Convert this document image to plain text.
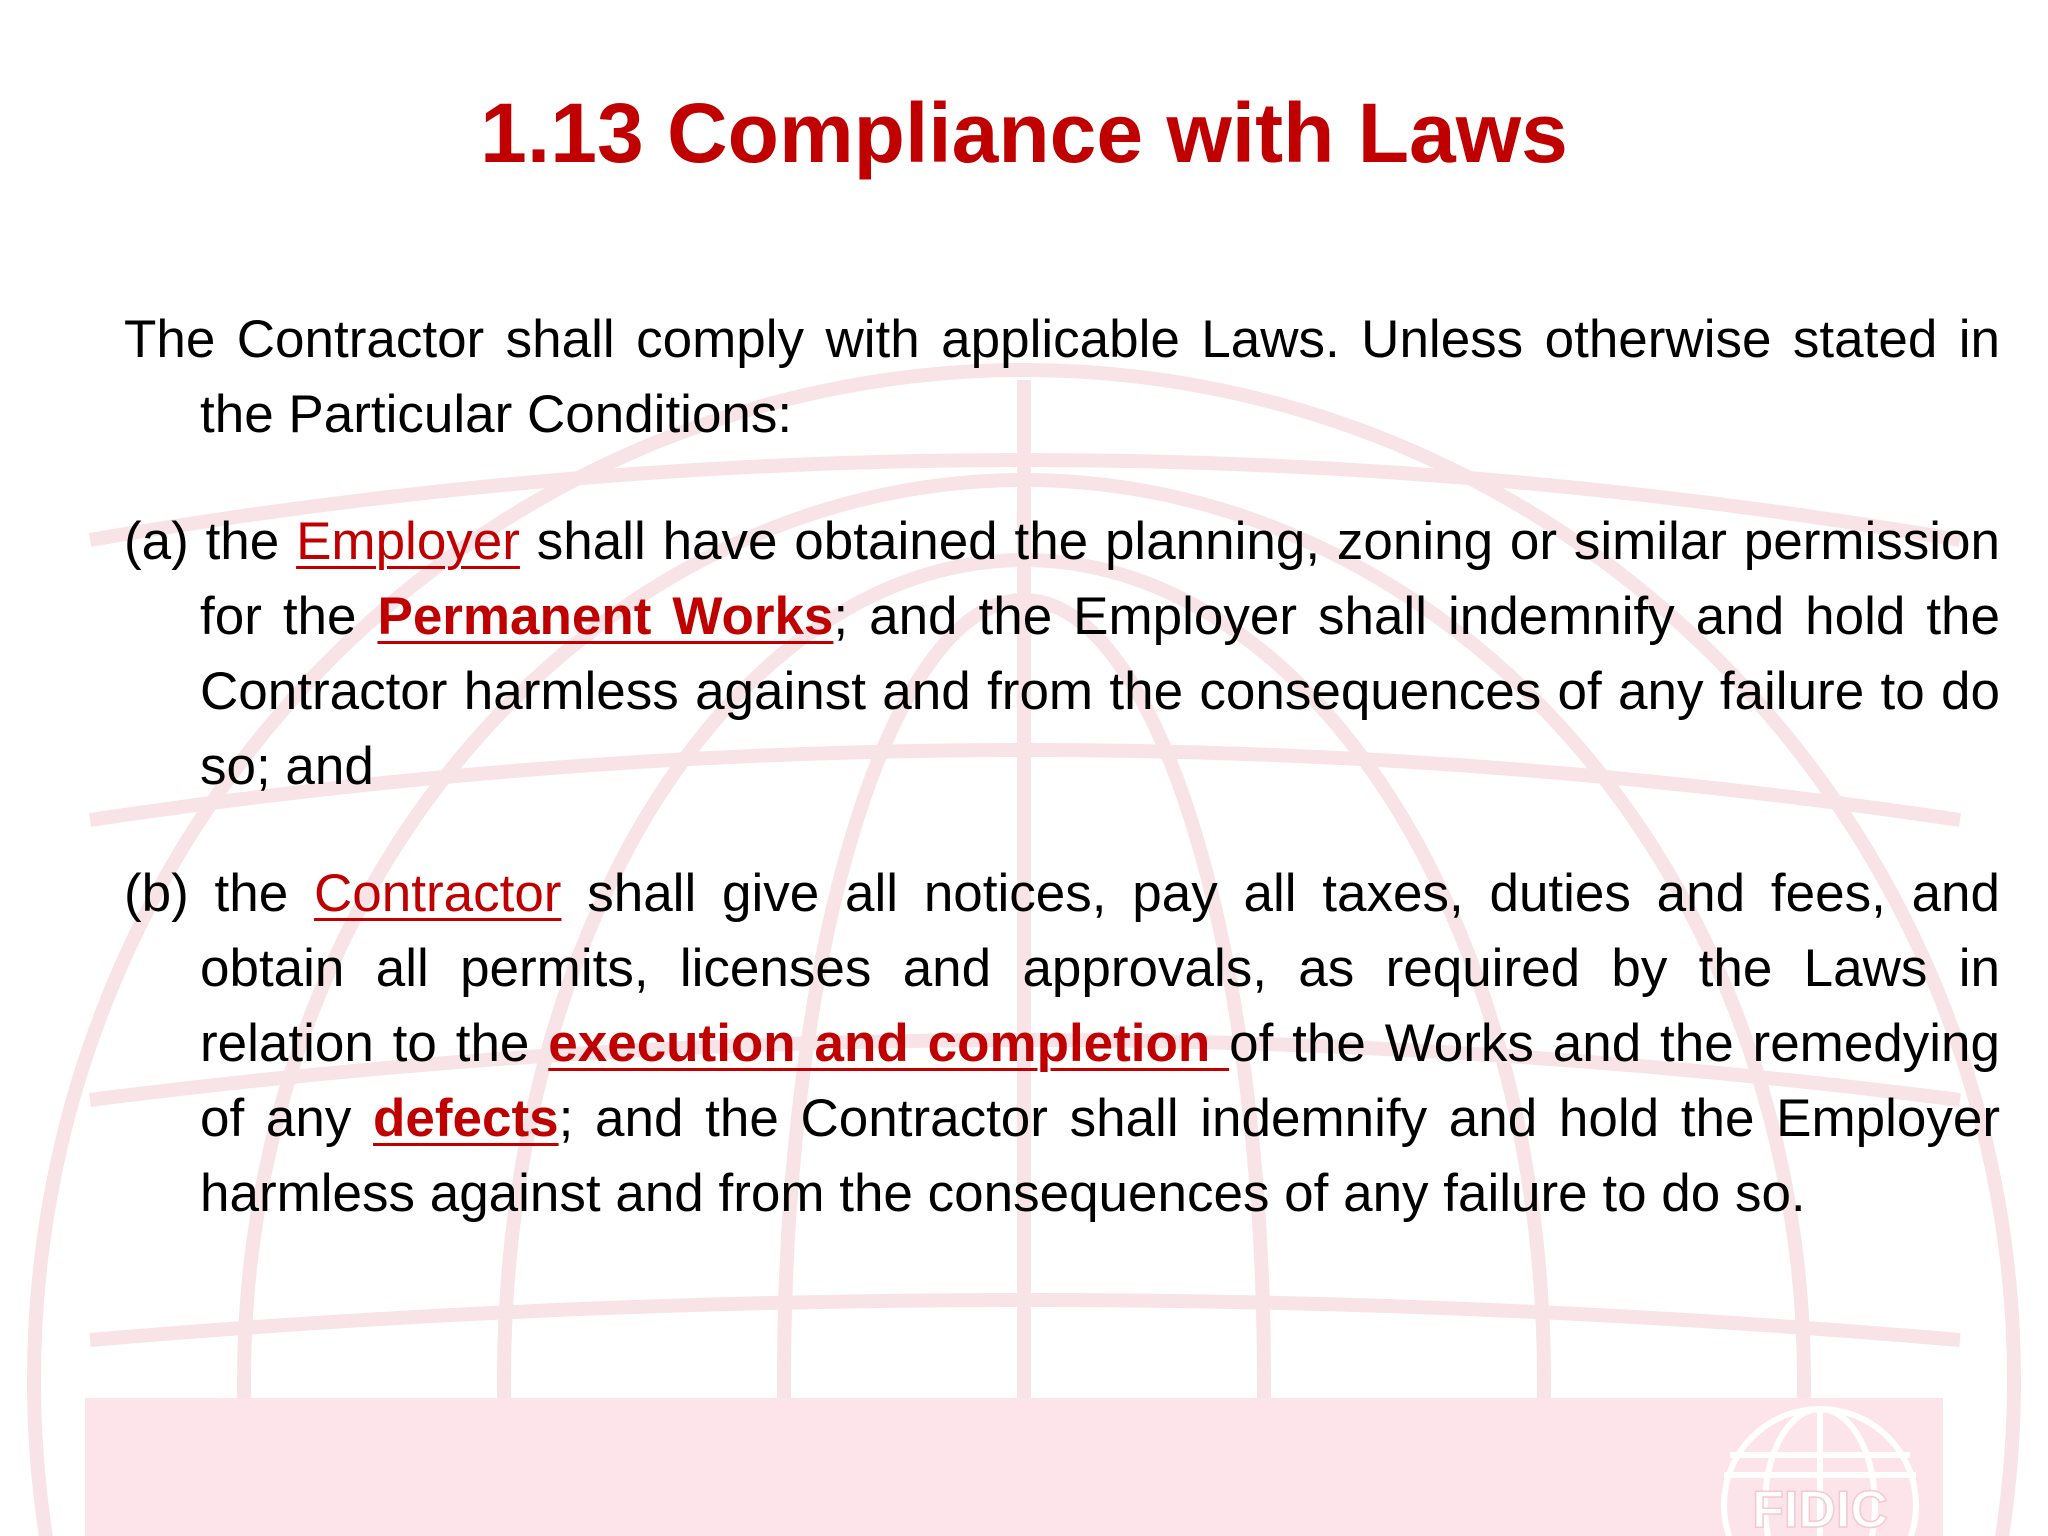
FIDIC
1.13 Compliance with Laws

The Contractor shall comply with applicable Laws. Unless otherwise stated in the Particular Conditions:

(a) the Employer shall have obtained the planning, zoning or similar permission for the Permanent Works; and the Employer shall indemnify and hold the Contractor harmless against and from the consequences of any failure to do so; and

(b) the Contractor shall give all notices, pay all taxes, duties and fees, and obtain all permits, licenses and approvals, as required by the Laws in relation to the execution and completion of the Works and the remedying of any defects; and the Contractor shall indemnify and hold the Employer harmless against and from the consequences of any failure to do so.
